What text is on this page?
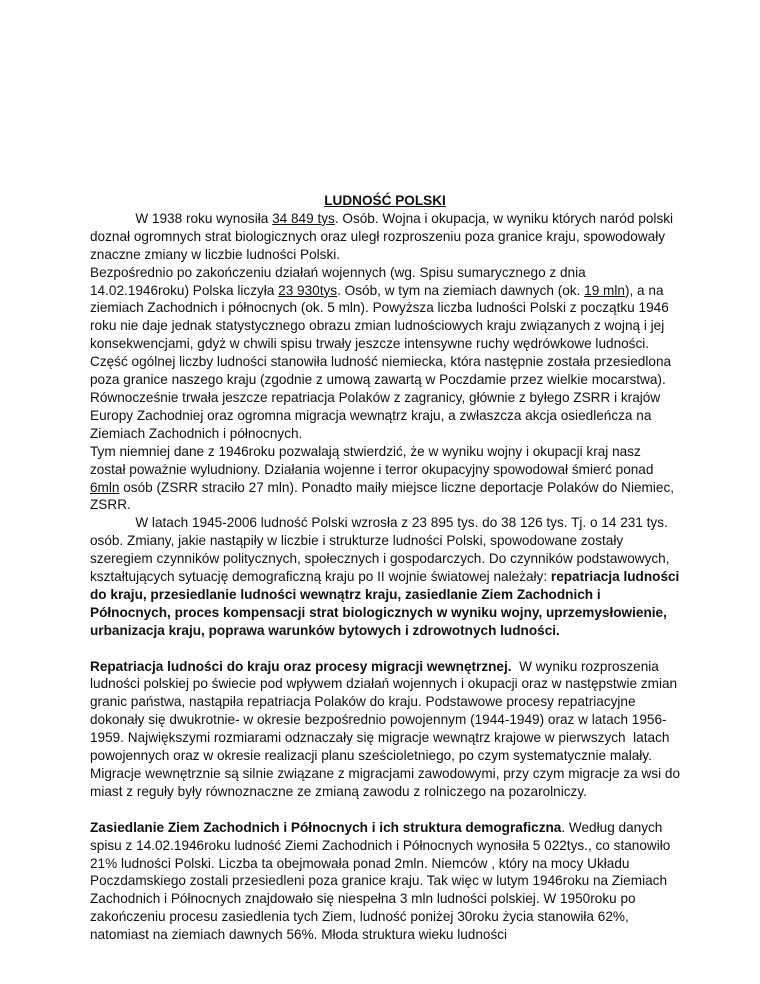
LUDNOŚĆ POLSKI

W 1938 roku wynosiła 34 849 tys. Osób. Wojna i okupacja, w wyniku których naród polski doznał ogromnych strat biologicznych oraz uległ rozproszeniu poza granice kraju, spowodowały znaczne zmiany w liczbie ludności Polski.

Bezpośrednio po zakończeniu działań wojennych (wg. Spisu sumarycznego z dnia 14.02.1946roku) Polska liczyła 23 930tys. Osób, w tym na ziemiach dawnych (ok. 19 mln), a na ziemiach Zachodnich i północnych (ok. 5 mln). Powyższa liczba ludności Polski z początku 1946 roku nie daje jednak statystycznego obrazu zmian ludnościowych kraju związanych z wojną i jej konsekwencjami, gdyż w chwili spisu trwały jeszcze intensywne ruchy wędrówkowe ludności. Część ogólnej liczby ludności stanowiła ludność niemiecka, która następnie została przesiedlona poza granice naszego kraju (zgodnie z umową zawartą w Poczdamie przez wielkie mocarstwa). Równocześnie trwała jeszcze repatriacja Polaków z zagranicy, głównie z byłego ZSRR i krajów Europy Zachodniej oraz ogromna migracja wewnątrz kraju, a zwłaszcza akcja osiedleńcza na Ziemiach Zachodnich i północnych.

Tym niemniej dane z 1946roku pozwalają stwierdzić, że w wyniku wojny i okupacji kraj nasz został poważnie wyludniony. Działania wojenne i terror okupacyjny spowodował śmierć ponad 6mln osób (ZSRR straciło 27 mln). Ponadto maiły miejsce liczne deportacje Polaków do Niemiec, ZSRR.

W latach 1945-2006 ludność Polski wzrosła z 23 895 tys. do 38 126 tys. Tj. o 14 231 tys. osób. Zmiany, jakie nastąpiły w liczbie i strukturze ludności Polski, spowodowane zostały szeregiem czynników politycznych, społecznych i gospodarczych. Do czynników podstawowych, kształtujących sytuację demograficzną kraju po II wojnie światowej należały: repatriacja ludności do kraju, przesiedlanie ludności wewnątrz kraju, zasiedlanie Ziem Zachodnich i Północnych, proces kompensacji strat biologicznych w wyniku wojny, uprzemysłowienie, urbanizacja kraju, poprawa warunków bytowych i zdrowotnych ludności.

Repatriacja ludności do kraju oraz procesy migracji wewnętrznej.  W wyniku rozproszenia ludności polskiej po świecie pod wpływem działań wojennych i okupacji oraz w następstwie zmian granic państwa, nastąpiła repatriacja Polaków do kraju. Podstawowe procesy repatriacyjne dokonały się dwukrotnie- w okresie bezpośrednio powojennym (1944-1949) oraz w latach 1956-1959. Największymi rozmiarami odznaczały się migracje wewnątrz krajowe w pierwszych  latach powojennych oraz w okresie realizacji planu sześcioletniego, po czym systematycznie malały. Migracje wewnętrznie są silnie związane z migracjami zawodowymi, przy czym migracje za wsi do miast z reguły były równoznaczne ze zmianą zawodu z rolniczego na pozarolniczy.

Zasiedlanie Ziem Zachodnich i Północnych i ich struktura demograficzna. Według danych spisu z 14.02.1946roku ludność Ziemi Zachodnich i Północnych wynosiła 5 022tys., co stanowiło 21% ludności Polski. Liczba ta obejmowała ponad 2mln. Niemców , który na mocy Układu Poczdamskiego zostali przesiedleni poza granice kraju. Tak więc w lutym 1946roku na Ziemiach Zachodnich i Północnych znajdowało się niespełna 3 mln ludności polskiej. W 1950roku po zakończeniu procesu zasiedlenia tych Ziem, ludność poniżej 30roku życia stanowiła 62%, natomiast na ziemiach dawnych 56%. Młoda struktura wieku ludności
